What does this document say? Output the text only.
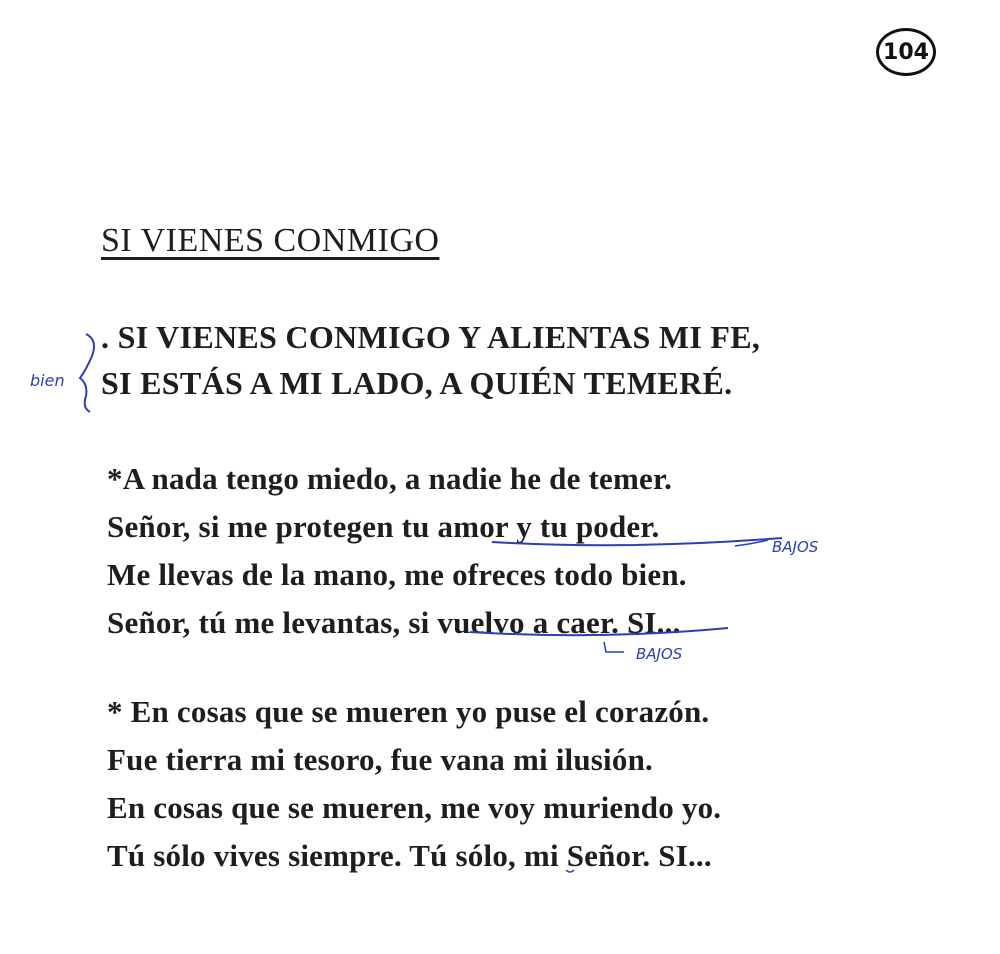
104
SI VIENES CONMIGO
. SI VIENES CONMIGO Y ALIENTAS MI FE,
SI ESTÁS A MI LADO, A QUIÉN TEMERÉ.
*A nada tengo miedo, a nadie he de temer.
Señor, si me protegen tu amor y tu poder.
Me llevas de la mano, me ofreces todo bien.
Señor, tú me levantas, si vuelvo a caer. SI...
* En cosas que se mueren yo puse el corazón.
Fue tierra mi tesoro, fue vana mi ilusión.
En cosas que se mueren, me voy muriendo yo.
Tú sólo vives siempre. Tú sólo, mi Señor. SI...
bien
BAJOS
BAJOS
